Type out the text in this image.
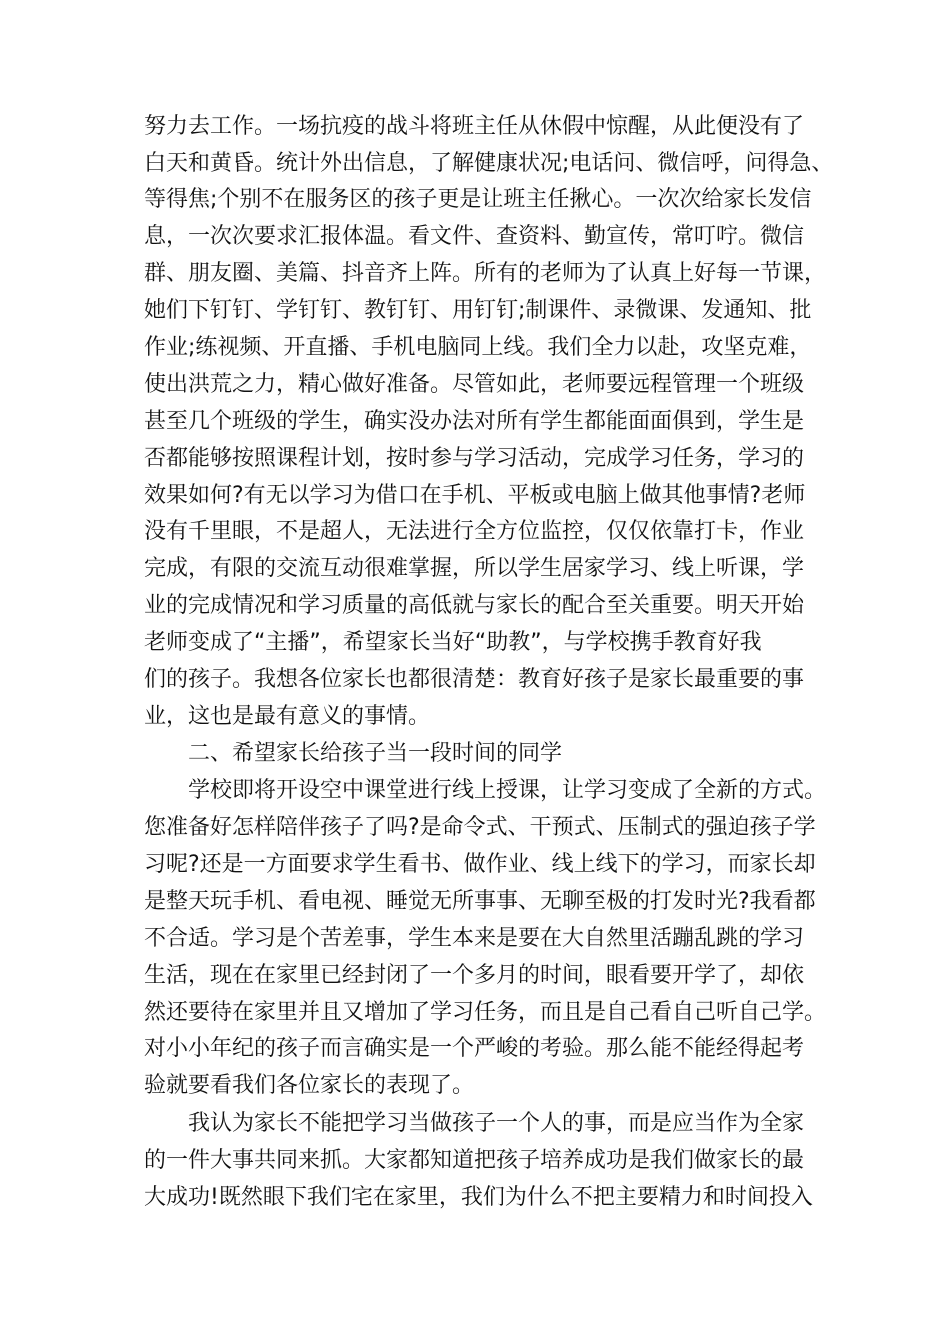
努力去工作。一场抗疫的战斗将班主任从休假中惊醒，从此便没有了
白天和黄昏。统计外出信息，了解健康状况;电话问、微信呼，问得急、
等得焦;个别不在服务区的孩子更是让班主任揪心。一次次给家长发信
息，一次次要求汇报体温。看文件、查资料、勤宣传，常叮咛。微信
群、朋友圈、美篇、抖音齐上阵。所有的老师为了认真上好每一节课，
她们下钉钉、学钉钉、教钉钉、用钉钉;制课件、录微课、发通知、批
作业;练视频、开直播、手机电脑同上线。我们全力以赴，攻坚克难，
使出洪荒之力，精心做好准备。尽管如此，老师要远程管理一个班级
甚至几个班级的学生，确实没办法对所有学生都能面面俱到，学生是
否都能够按照课程计划，按时参与学习活动，完成学习任务，学习的
效果如何?有无以学习为借口在手机、平板或电脑上做其他事情?老师
没有千里眼，不是超人，无法进行全方位监控，仅仅依靠打卡，作业
完成，有限的交流互动很难掌握，所以学生居家学习、线上听课，学
业的完成情况和学习质量的高低就与家长的配合至关重要。明天开始
老师变成了“主播”，希望家长当好“助教”，与学校携手教育好我
们的孩子。我想各位家长也都很清楚：教育好孩子是家长最重要的事
业，这也是最有意义的事情。
二、希望家长给孩子当一段时间的同学
学校即将开设空中课堂进行线上授课，让学习变成了全新的方式。
您准备好怎样陪伴孩子了吗?是命令式、干预式、压制式的强迫孩子学
习呢?还是一方面要求学生看书、做作业、线上线下的学习，而家长却
是整天玩手机、看电视、睡觉无所事事、无聊至极的打发时光?我看都
不合适。学习是个苦差事，学生本来是要在大自然里活蹦乱跳的学习
生活，现在在家里已经封闭了一个多月的时间，眼看要开学了，却依
然还要待在家里并且又增加了学习任务，而且是自己看自己听自己学。
对小小年纪的孩子而言确实是一个严峻的考验。那么能不能经得起考
验就要看我们各位家长的表现了。
我认为家长不能把学习当做孩子一个人的事，而是应当作为全家
的一件大事共同来抓。大家都知道把孩子培养成功是我们做家长的最
大成功!既然眼下我们宅在家里，我们为什么不把主要精力和时间投入
